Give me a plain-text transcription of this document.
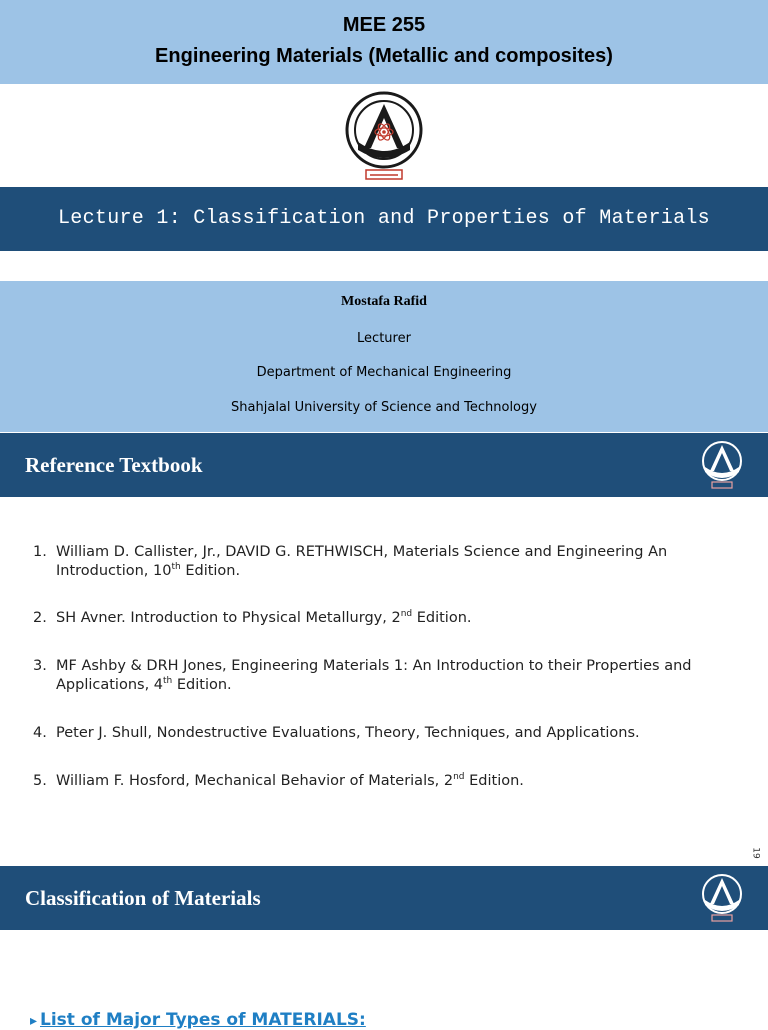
MEE 255
Engineering Materials (Metallic and composites)
Lecture 1: Classification and Properties of Materials
Mostafa Rafid
Lecturer
Department of Mechanical Engineering
Shahjalal University of Science and Technology
Reference Textbook
1. William D. Callister, Jr., DAVID G. RETHWISCH, Materials Science and Engineering An Introduction, 10th Edition.
2. SH Avner. Introduction to Physical Metallurgy, 2nd Edition.
3. MF Ashby & DRH Jones, Engineering Materials 1: An Introduction to their Properties and Applications, 4th Edition.
4. Peter J. Shull, Nondestructive Evaluations, Theory, Techniques, and Applications.
5. William F. Hosford, Mechanical Behavior of Materials, 2nd Edition.
19
Classification of Materials
▸ List of Major Types of MATERIALS:
